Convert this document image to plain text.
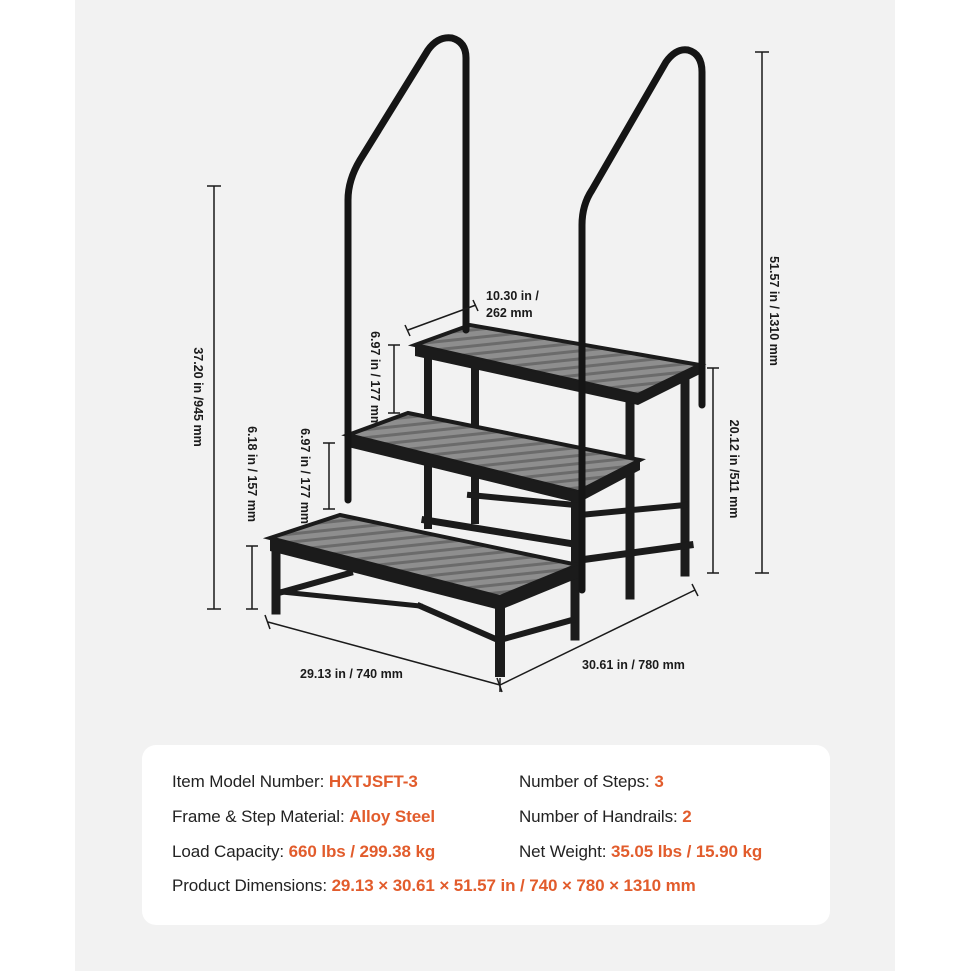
10.30 in /
262 mm
6.97 in / 177 mm
6.97 in / 177 mm
6.18 in / 157 mm
37.20 in /945 mm
20.12 in /511 mm
51.57 in / 1310 mm
29.13 in / 740 mm
30.61 in / 780 mm
Item Model Number: HXTJSFT-3
Frame & Step Material: Alloy Steel
Load Capacity: 660 lbs / 299.38 kg
Product Dimensions: 29.13 × 30.61 × 51.57 in / 740 × 780 × 1310 mm
Number of Steps: 3
Number of Handrails: 2
Net Weight: 35.05 lbs / 15.90 kg
